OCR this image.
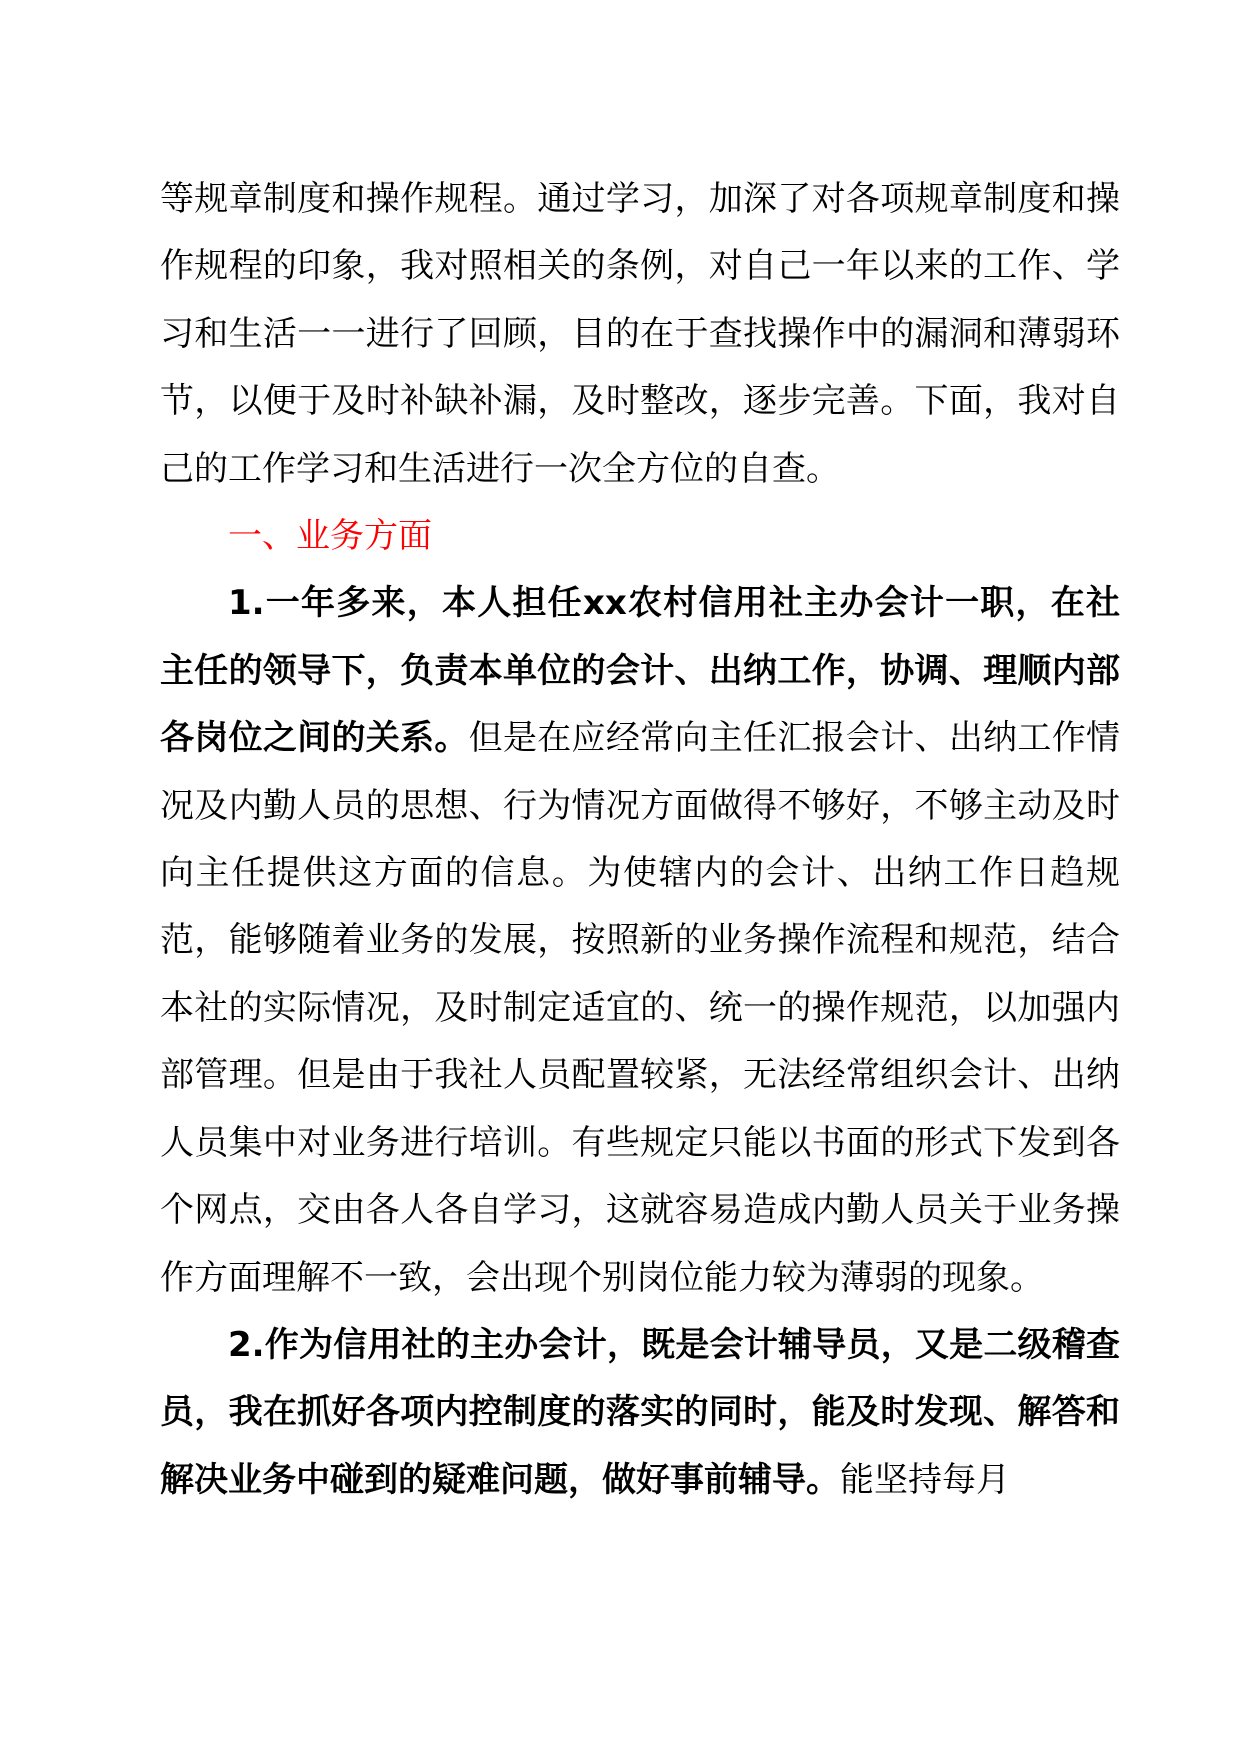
等规章制度和操作规程。通过学习，加深了对各项规章制度和操作规程的印象，我对照相关的条例，对自己一年以来的工作、学习和生活一一进行了回顾，目的在于查找操作中的漏洞和薄弱环节，以便于及时补缺补漏，及时整改，逐步完善。下面，我对自己的工作学习和生活进行一次全方位的自查。

一、业务方面

1.一年多来，本人担任xx农村信用社主办会计一职，在社主任的领导下，负责本单位的会计、出纳工作，协调、理顺内部各岗位之间的关系。但是在应经常向主任汇报会计、出纳工作情况及内勤人员的思想、行为情况方面做得不够好，不够主动及时向主任提供这方面的信息。为使辖内的会计、出纳工作日趋规范，能够随着业务的发展，按照新的业务操作流程和规范，结合本社的实际情况，及时制定适宜的、统一的操作规范，以加强内部管理。但是由于我社人员配置较紧，无法经常组织会计、出纳人员集中对业务进行培训。有些规定只能以书面的形式下发到各个网点，交由各人各自学习，这就容易造成内勤人员关于业务操作方面理解不一致，会出现个别岗位能力较为薄弱的现象。

2.作为信用社的主办会计，既是会计辅导员，又是二级稽查员，我在抓好各项内控制度的落实的同时，能及时发现、解答和解决业务中碰到的疑难问题，做好事前辅导。能坚持每月
